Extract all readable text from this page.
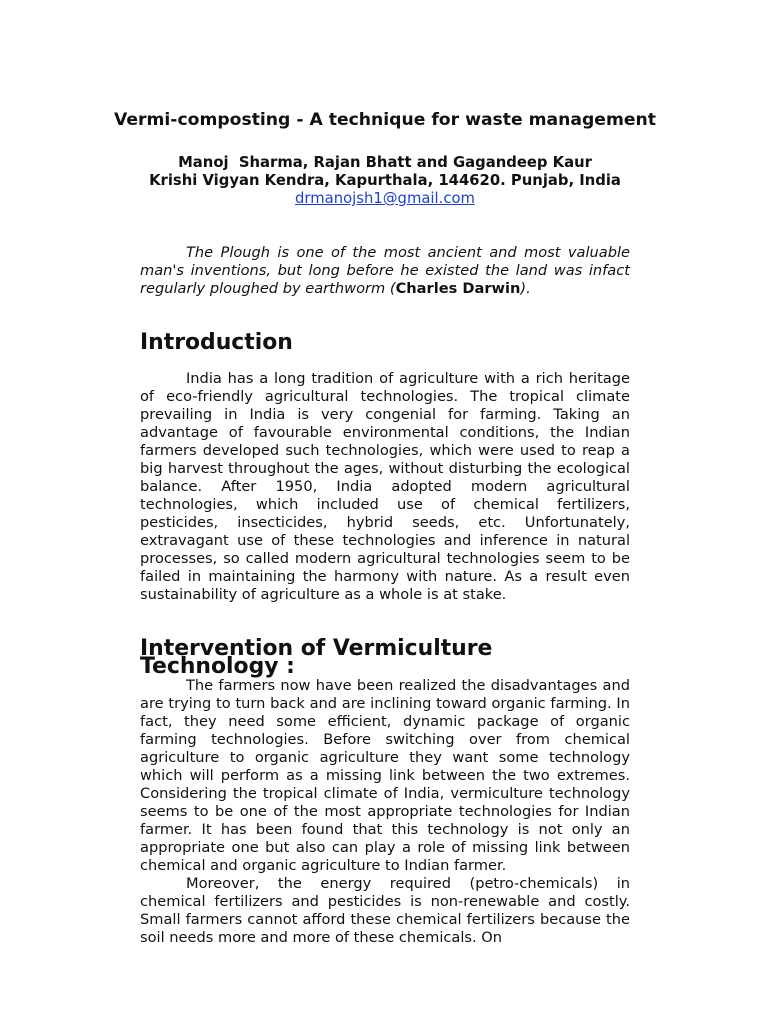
Vermi-composting - A technique for waste management
Manoj  Sharma, Rajan Bhatt and Gagandeep Kaur
Krishi Vigyan Kendra, Kapurthala, 144620. Punjab, India
drmanojsh1@gmail.com

The Plough is one of the most ancient and most valuable man's inventions, but long before he existed the land was infact regularly ploughed by earthworm (Charles Darwin).

Introduction

India has a long tradition of agriculture with a rich heritage of eco-friendly agricultural technologies. The tropical climate prevailing in India is very congenial for farming. Taking an advantage of favourable environmental conditions, the Indian farmers developed such technologies, which were used to reap a big harvest throughout the ages, without disturbing the ecological balance. After 1950, India adopted modern agricultural technologies, which included use of chemical fertilizers, pesticides, insecticides, hybrid seeds, etc. Unfortunately, extravagant use of these technologies and inference in natural processes, so called modern agricultural technologies seem to be failed in maintaining the harmony with nature. As a result even sustainability of agriculture as a whole is at stake.

Intervention of Vermiculture Technology :

The farmers now have been realized the disadvantages and are trying to turn back and are inclining toward organic farming. In fact, they need some efficient, dynamic package of organic farming technologies. Before switching over from chemical agriculture to organic agriculture they want some technology which will perform as a missing link between the two extremes.  Considering the tropical climate of India, vermiculture technology seems to be one of the most appropriate technologies for Indian farmer. It has been found that this technology is not only an appropriate one but also can play a role of missing link between chemical and organic agriculture to Indian farmer.

Moreover, the energy required (petro-chemicals) in chemical fertilizers and pesticides is non-renewable and costly. Small farmers cannot afford these chemical fertilizers because the soil needs more and more of these chemicals. On
